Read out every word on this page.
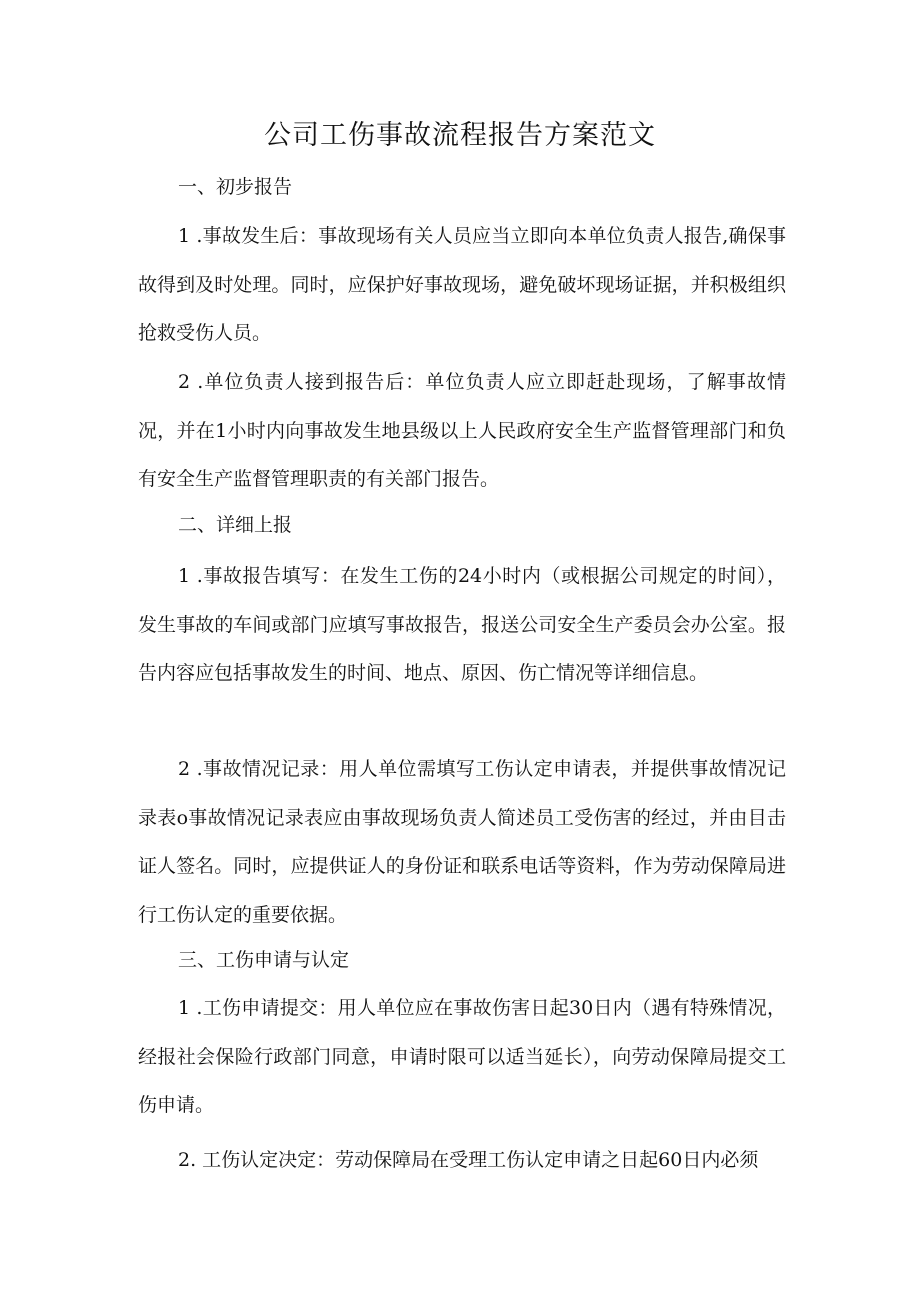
公司工伤事故流程报告方案范文
一、初步报告
1 .事故发生后：事故现场有关人员应当立即向本单位负责人报告,确保事故得到及时处理。同时，应保护好事故现场，避免破坏现场证据，并积极组织抢救受伤人员。
2 .单位负责人接到报告后：单位负责人应立即赶赴现场，了解事故情况，并在1小时内向事故发生地县级以上人民政府安全生产监督管理部门和负有安全生产监督管理职责的有关部门报告。
二、详细上报
1 .事故报告填写：在发生工伤的24小时内（或根据公司规定的时间），发生事故的车间或部门应填写事故报告，报送公司安全生产委员会办公室。报告内容应包括事故发生的时间、地点、原因、伤亡情况等详细信息。
2 .事故情况记录：用人单位需填写工伤认定申请表，并提供事故情况记录表o事故情况记录表应由事故现场负责人简述员工受伤害的经过，并由目击证人签名。同时，应提供证人的身份证和联系电话等资料，作为劳动保障局进行工伤认定的重要依据。
三、工伤申请与认定
1 .工伤申请提交：用人单位应在事故伤害日起30日内（遇有特殊情况，经报社会保险行政部门同意，申请时限可以适当延长），向劳动保障局提交工伤申请。
2. 工伤认定决定：劳动保障局在受理工伤认定申请之日起60日内必须
